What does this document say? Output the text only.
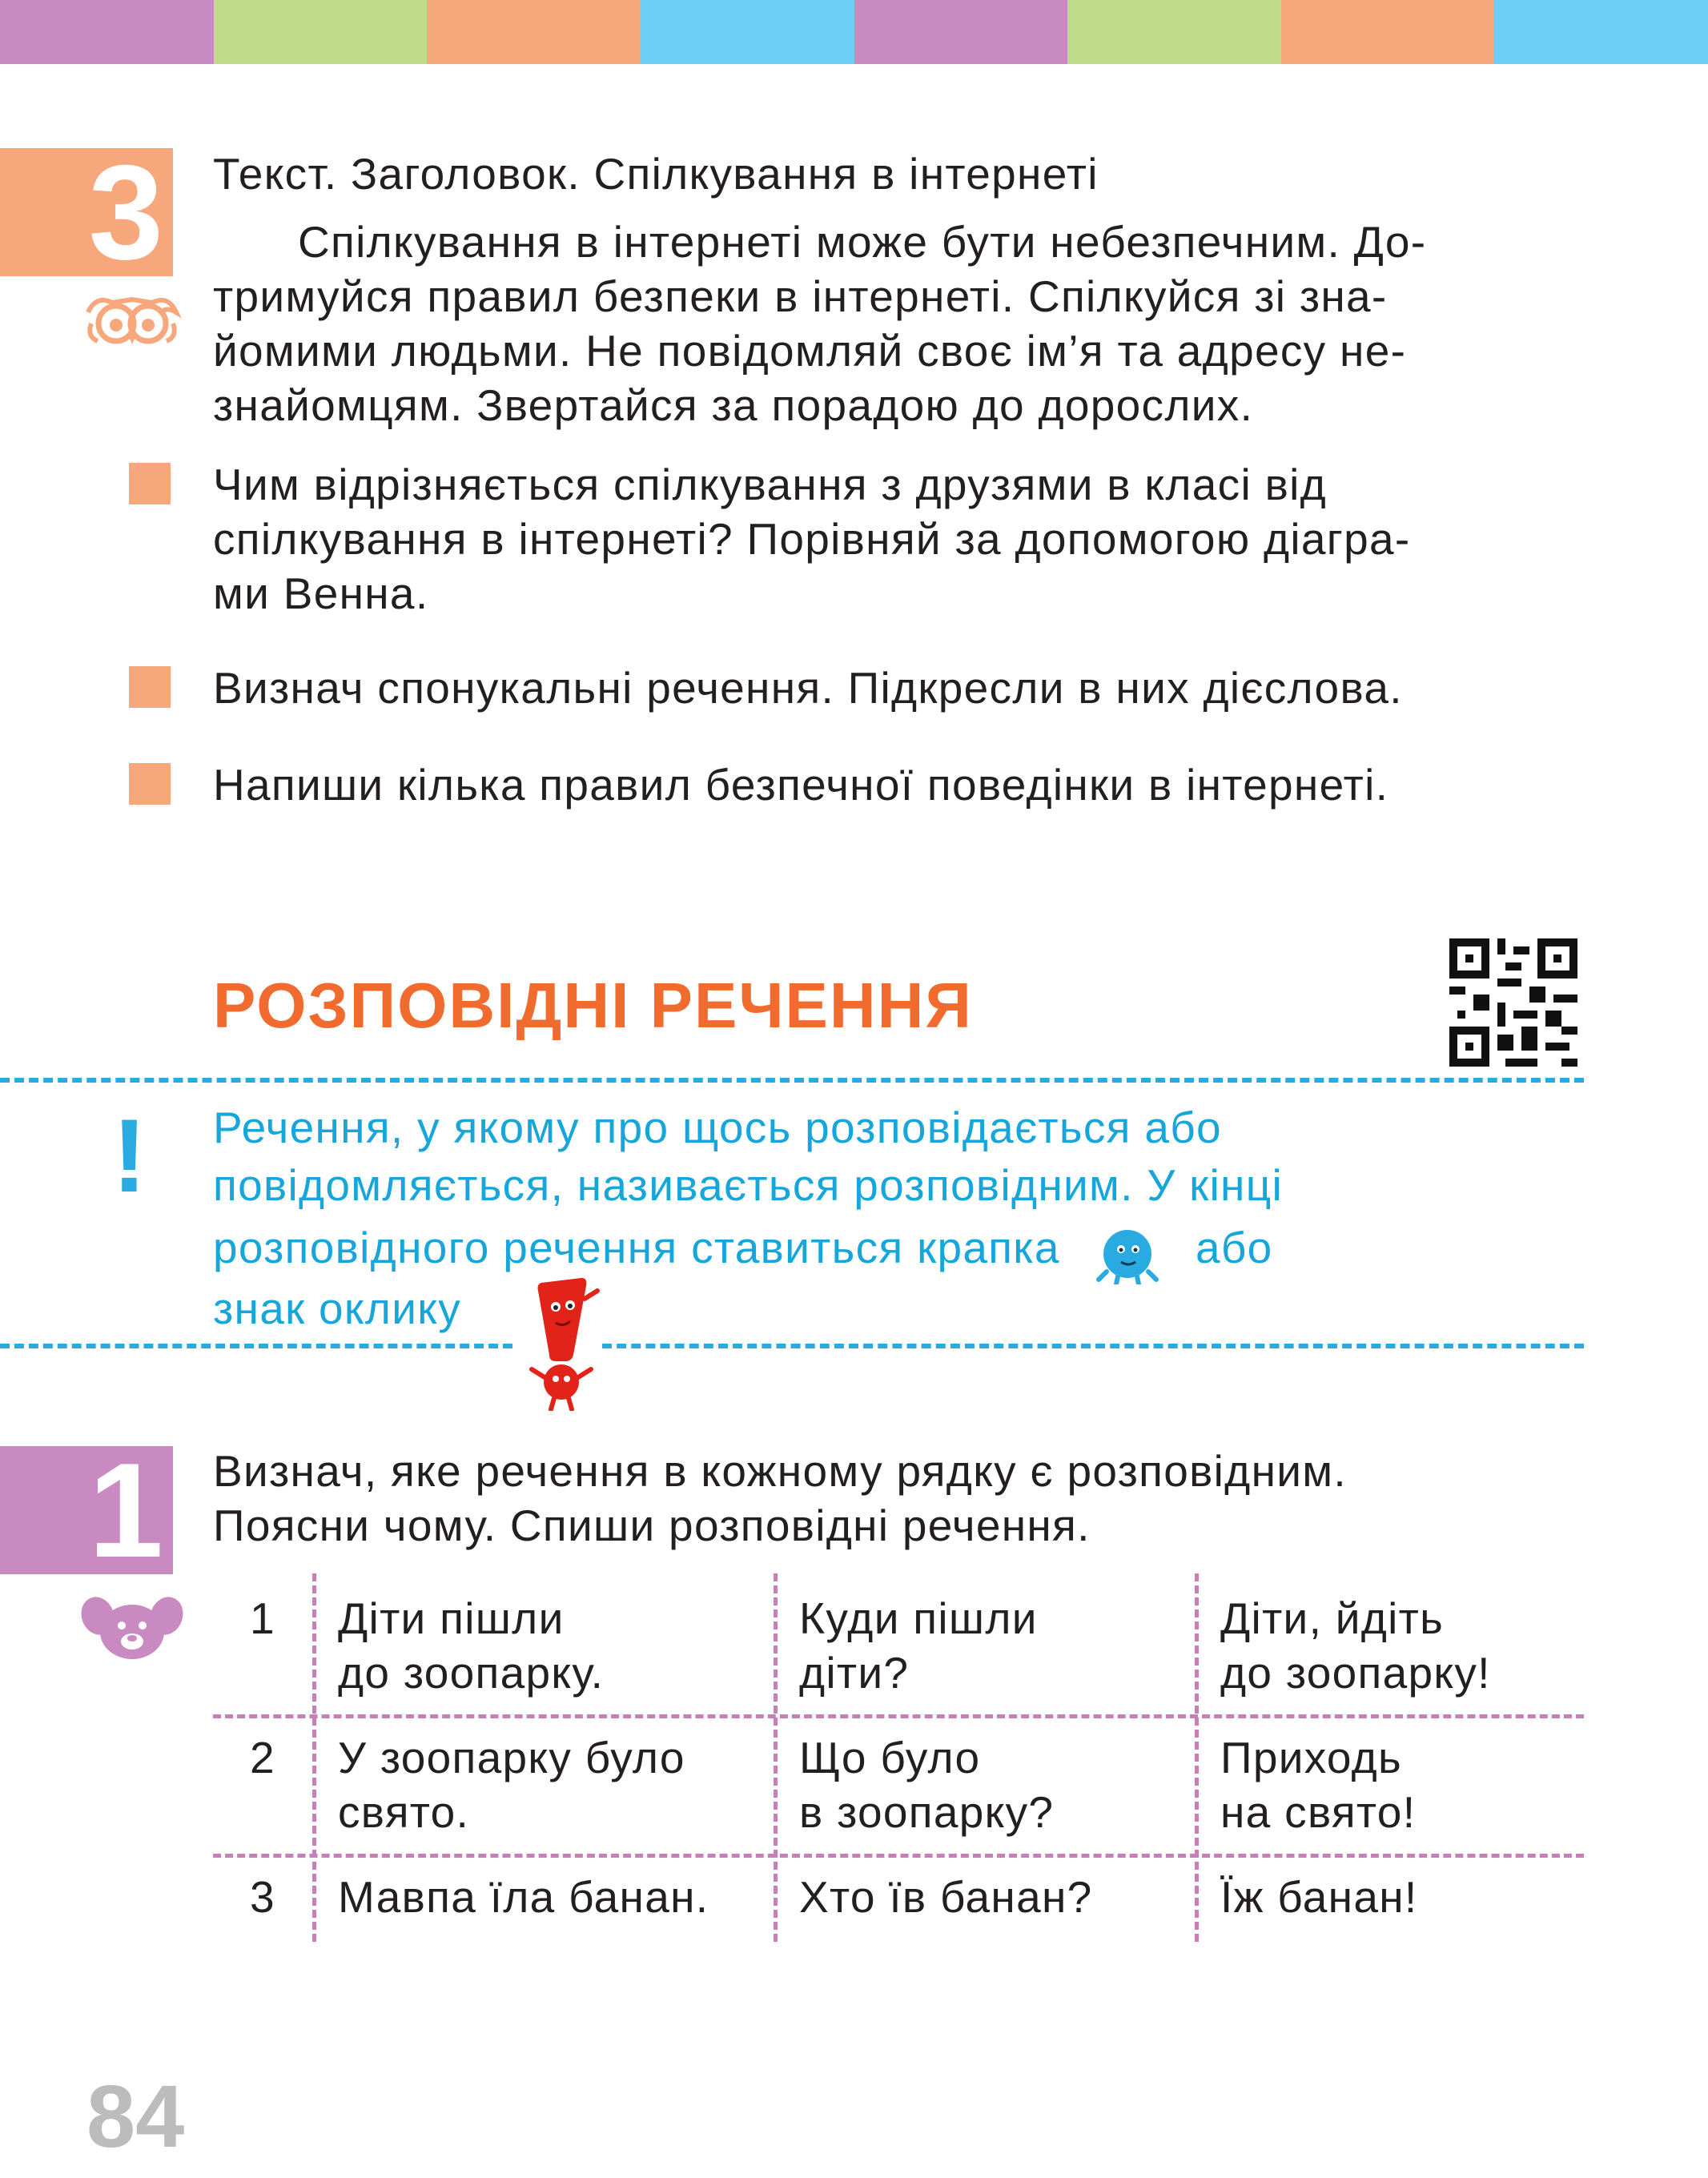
3 Текст. Заголовок. Спілкування в інтернеті
Спілкування в інтернеті може бути небезпечним. До-
тримуйся правил безпеки в інтернеті. Спілкуйся зі зна-
йомими людьми. Не повідомляй своє ім’я та адресу не-
знайомцям. Звертайся за порадою до дорослих.
Чим відрізняється спілкування з друзями в класі від
спілкування в інтернеті? Порівняй за допомогою діагра-
ми Венна.
Визнач спонукальні речення. Підкресли в них дієслова.
Напиши кілька правил безпечної поведінки в інтернеті.
РОЗПОВІДНІ РЕЧЕННЯ
! Речення, у якому про щось розповідається або
повідомляється, називається розповідним. У кінці
розповідного речення ставиться крапка	або
знак оклику
1 Визнач, яке речення в кожному рядку є розповідним.
Поясни чому. Спиши розповідні речення.
1 Діти пішли
до зоопарку.
Куди пішли
діти?
Діти, йдіть
до зоопарку!
2 У зоопарку було
свято.
Що було
в зоопарку?
Приходь
на свято!
3 Мавпа їла банан. Хто їв банан?	Їж банан!
84
